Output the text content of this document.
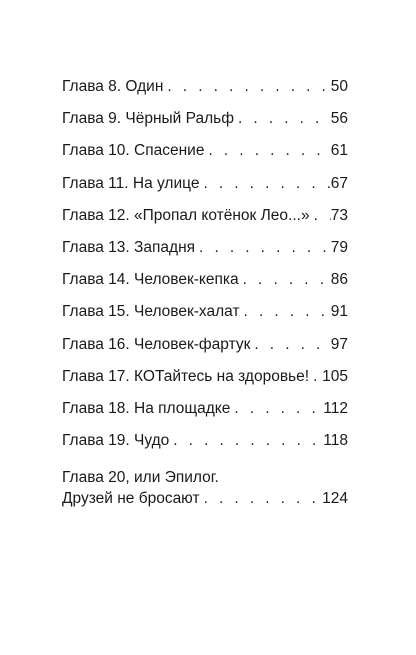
Глава 8. Один . . .	50
Глава 9. Чёрный Ральф . . .	56
Глава 10. Спасение . . .	61
Глава 11. На улице . . .	67
Глава 12. «Пропал котёнок Лео...» . . . 73
Глава 13. Западня . . .	79
Глава 14. Человек-кепка . . .	86
Глава 15. Человек-халат . . .	91
Глава 16. Человек-фартук . . .	97
Глава 17. КОТайтесь на здоровье! . . . 105
Глава 18. На площадке . . .	112
Глава 19. Чудо . . .	118
Глава 20, или Эпилог.
Друзей не бросают . . .	124
